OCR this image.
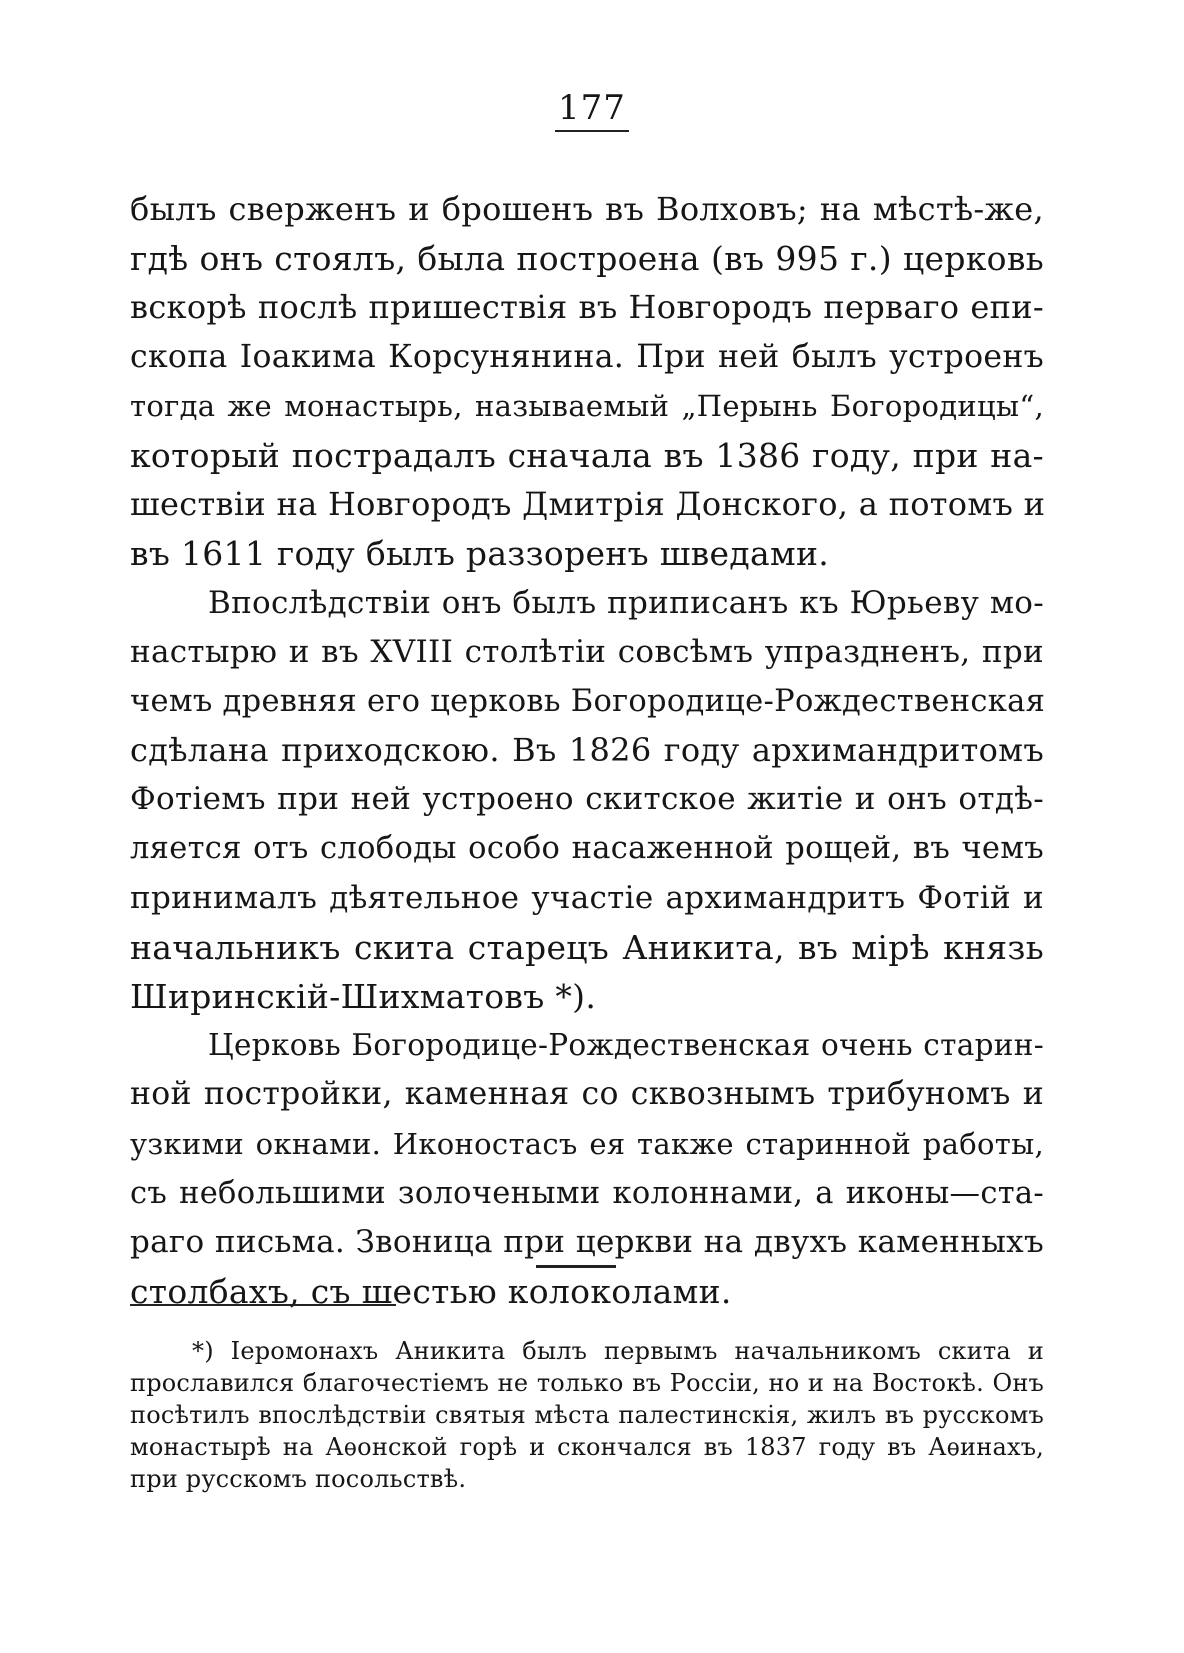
177
былъ сверженъ и брошенъ въ Волховъ; на мѣстѣ-же,
гдѣ онъ стоялъ, была построена (въ 995 г.) церковь
вскорѣ послѣ пришествія въ Новгородъ перваго епи-
скопа Іоакима Корсунянина. При ней былъ устроенъ
тогда же монастырь, называемый „Перынь Богородицы“,
который пострадалъ сначала въ 1386 году, при на-
шествіи на Новгородъ Дмитрія Донского, а потомъ и
въ 1611 году былъ раззоренъ шведами.
Впослѣдствіи онъ былъ приписанъ къ Юрьеву мо-
настырю и въ XVIII столѣтіи совсѣмъ упраздненъ, при
чемъ древняя его церковь Богородице-Рождественская
сдѣлана приходскою. Въ 1826 году архимандритомъ
Фотіемъ при ней устроено скитское житіе и онъ отдѣ-
ляется отъ слободы особо насаженной рощей, въ чемъ
принималъ дѣятельное участіе архимандритъ Фотій и
начальникъ скита старецъ Аникита, въ мірѣ князь
Ширинскій-Шихматовъ *).
Церковь Богородице-Рождественская очень старин-
ной постройки, каменная со сквознымъ трибуномъ и
узкими окнами. Иконостасъ ея также старинной работы,
съ небольшими золочеными колоннами, а иконы—ста-
раго письма. Звоница при церкви на двухъ каменныхъ
столбахъ, съ шестью колоколами.
*) Іеромонахъ Аникита былъ первымъ начальникомъ скита и
прославился благочестіемъ не только въ Россіи, но и на Востокѣ. Онъ
посѣтилъ впослѣдствіи святыя мѣста палестинскія, жилъ въ русскомъ
монастырѣ на Аѳонской горѣ и скончался въ 1837 году въ Аѳинахъ,
при русскомъ посольствѣ.
